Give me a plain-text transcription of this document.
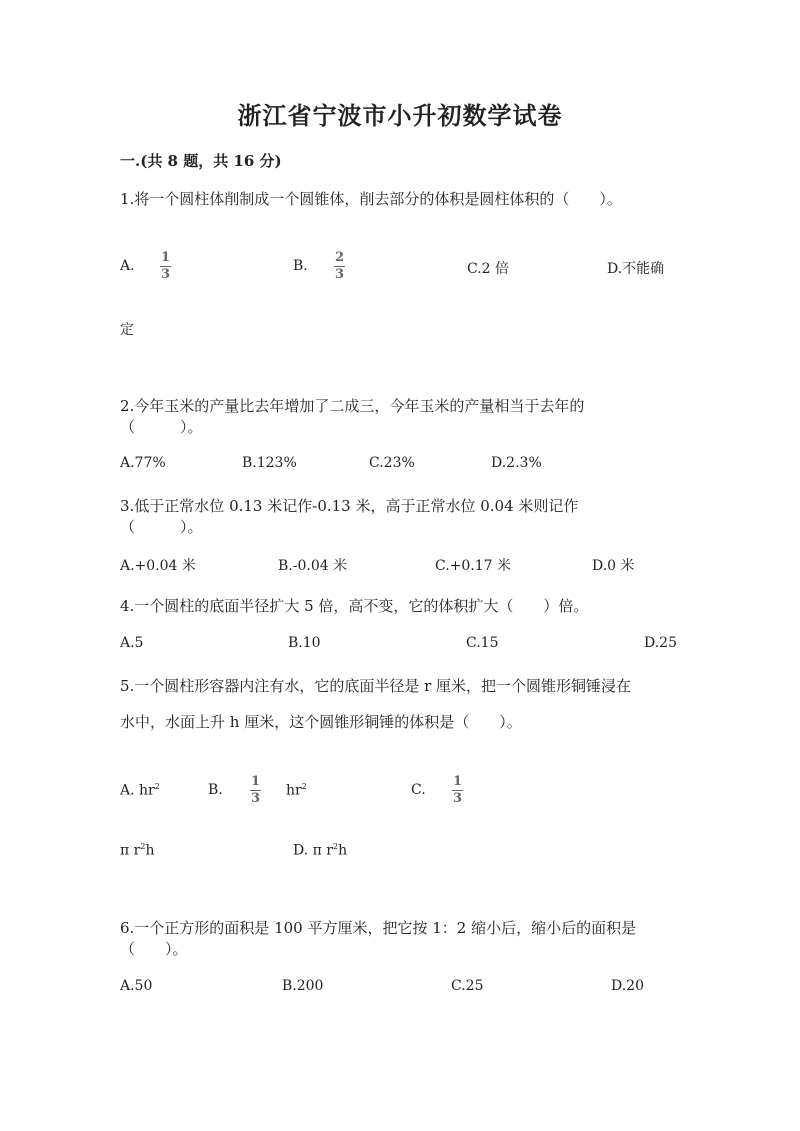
浙江省宁波市小升初数学试卷
一.(共 8 题，共 16 分)
1.将一个圆柱体削制成一个圆锥体，削去部分的体积是圆柱体积的（　　）。
A.
1
3
B.
2
3	C.2 倍	D.不能确
定
2.今年玉米的产量比去年增加了二成三，今年玉米的产量相当于去年的
（　　　）。
A.77%	B.123%	C.23%	D.2.3%
3.低于正常水位 0.13 米记作-0.13 米，高于正常水位 0.04 米则记作
（　　　）。
A.+0.04 米	B.-0.04 米	C.+0.17 米	D.0 米
4.一个圆柱的底面半径扩大 5 倍，高不变，它的体积扩大（　　）倍。
A.5	B.10	C.15	D.25
5.一个圆柱形容器内注有水，它的底面半径是 r 厘米，把一个圆锥形铜锤浸在
水中，水面上升 h 厘米，这个圆锥形铜锤的体积是（　　）。
A. $hr^2$	B.
1
3 $hr^2$	C.
1
3
π $r^2h$	D. π $r^2h$
6.一个正方形的面积是 100 平方厘米，把它按 1：2 缩小后，缩小后的面积是
（　　）。
A.50	B.200	C.25	D.20
